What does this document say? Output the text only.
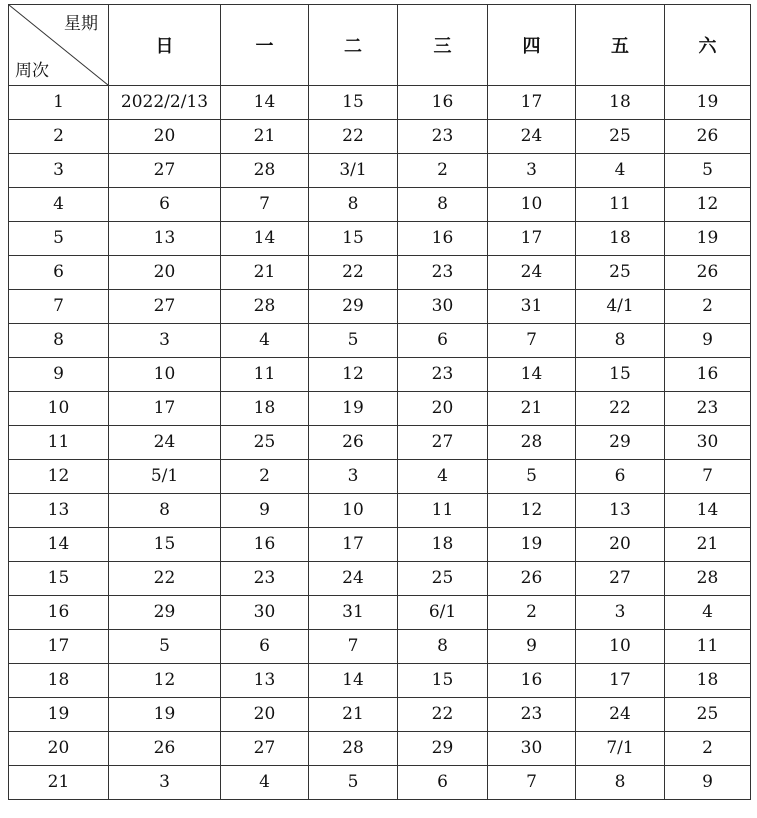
星期
周次	日	一	二	三	四	五	六
1	2022/2/13	14	15	16	17	18	19
2	20	21	22	23	24	25	26
3	27	28	3/1	2	3	4	5
4	6	7	8	8	10	11	12
5	13	14	15	16	17	18	19
6	20	21	22	23	24	25	26
7	27	28	29	30	31	4/1	2
8	3	4	5	6	7	8	9
9	10	11	12	23	14	15	16
10	17	18	19	20	21	22	23
11	24	25	26	27	28	29	30
12	5/1	2	3	4	5	6	7
13	8	9	10	11	12	13	14
14	15	16	17	18	19	20	21
15	22	23	24	25	26	27	28
16	29	30	31	6/1	2	3	4
17	5	6	7	8	9	10	11
18	12	13	14	15	16	17	18
19	19	20	21	22	23	24	25
20	26	27	28	29	30	7/1	2
21	3	4	5	6	7	8	9
